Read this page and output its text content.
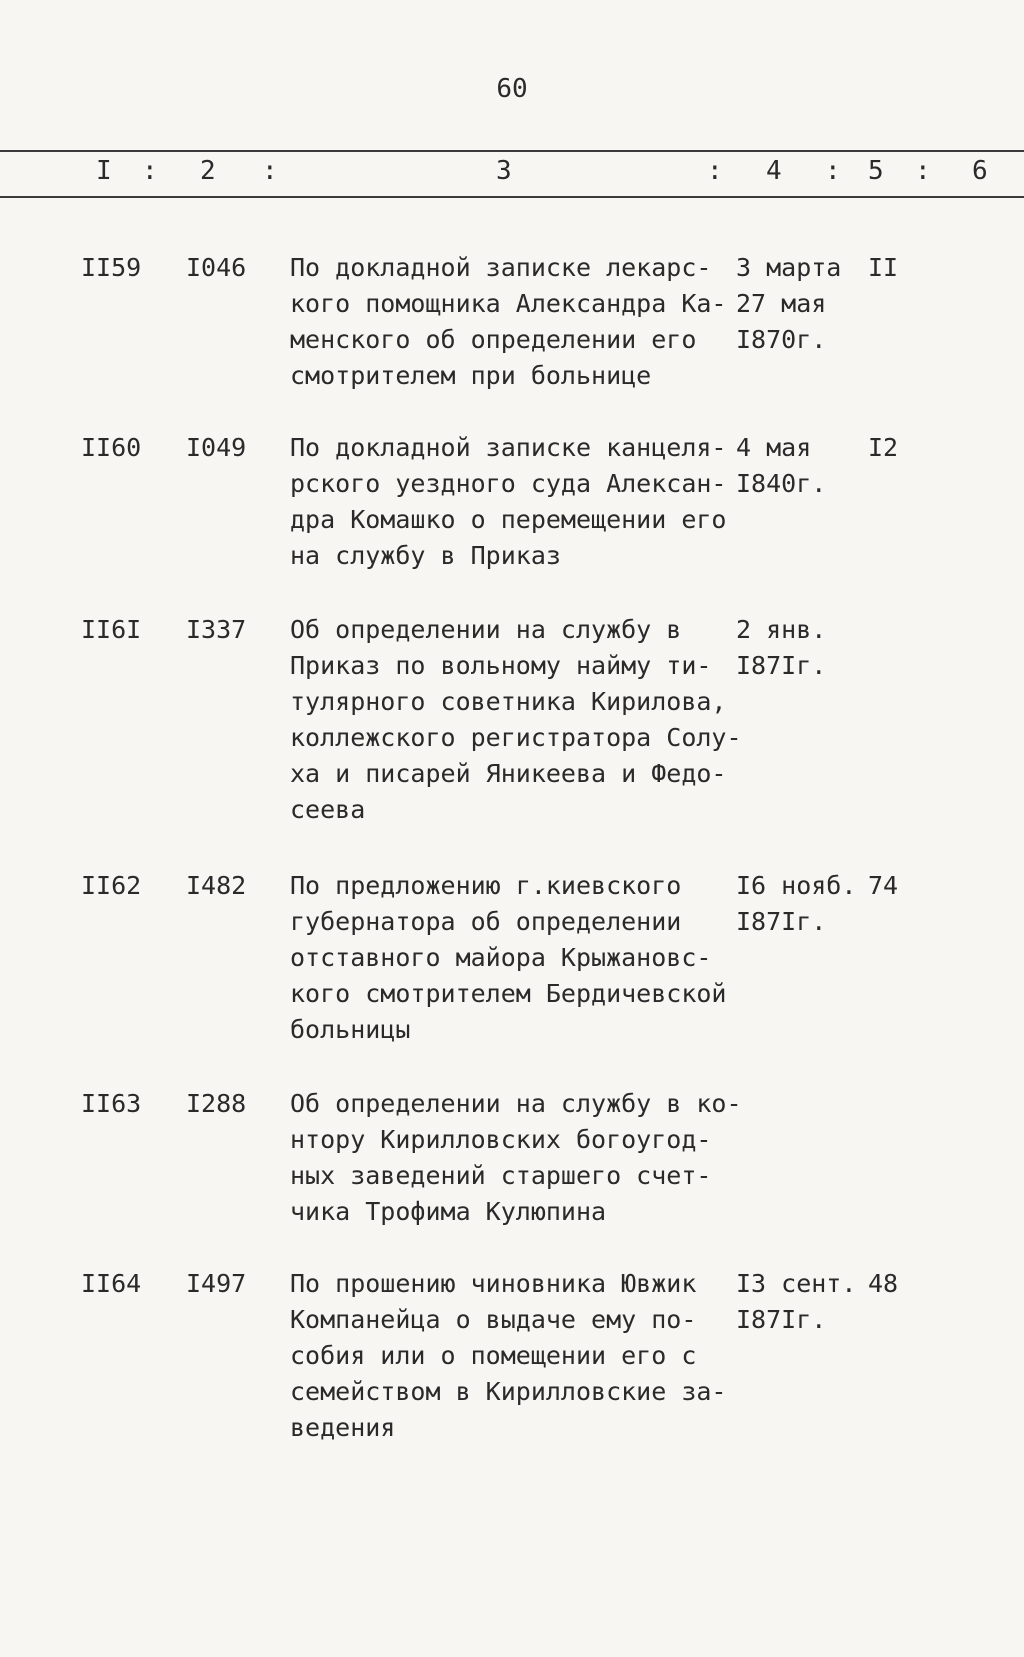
60
I : 2 :	3	: 4 : 5 : 6
II59 I046 По докладной записке лекарс-
кого помощника Александра Ка-
менского об определении его
смотрителем при больнице
3 марта
27 мая
I870г.
II
II60 I049 По докладной записке канцеля-
рского уездного суда Алексан-
дра Комашко о перемещении его
на службу в Приказ
4 мая
I840г.
I2
II6I I337 Об определении на службу в
Приказ по вольному найму ти-
тулярного советника Кирилова,
коллежского регистратора Солу-
ха и писарей Яникеева и Федо-
сеева
2 янв.
I87Iг.
II62 I482 По предложению г.киевского
губернатора об определении
отставного майора Крыжановс-
кого смотрителем Бердичевской
больницы
I6 нояб.
I87Iг.
74
II63 I288 Об определении на службу в ко-
нтору Кирилловских богоугод-
ных заведений старшего счет-
чика Трофима Кулюпина
II64 I497 По прошению чиновника Ювжик
Компанейца о выдаче ему по-
собия или о помещении его с
семейством в Кирилловские за-
ведения
I3 сент.
I87Iг.
48
